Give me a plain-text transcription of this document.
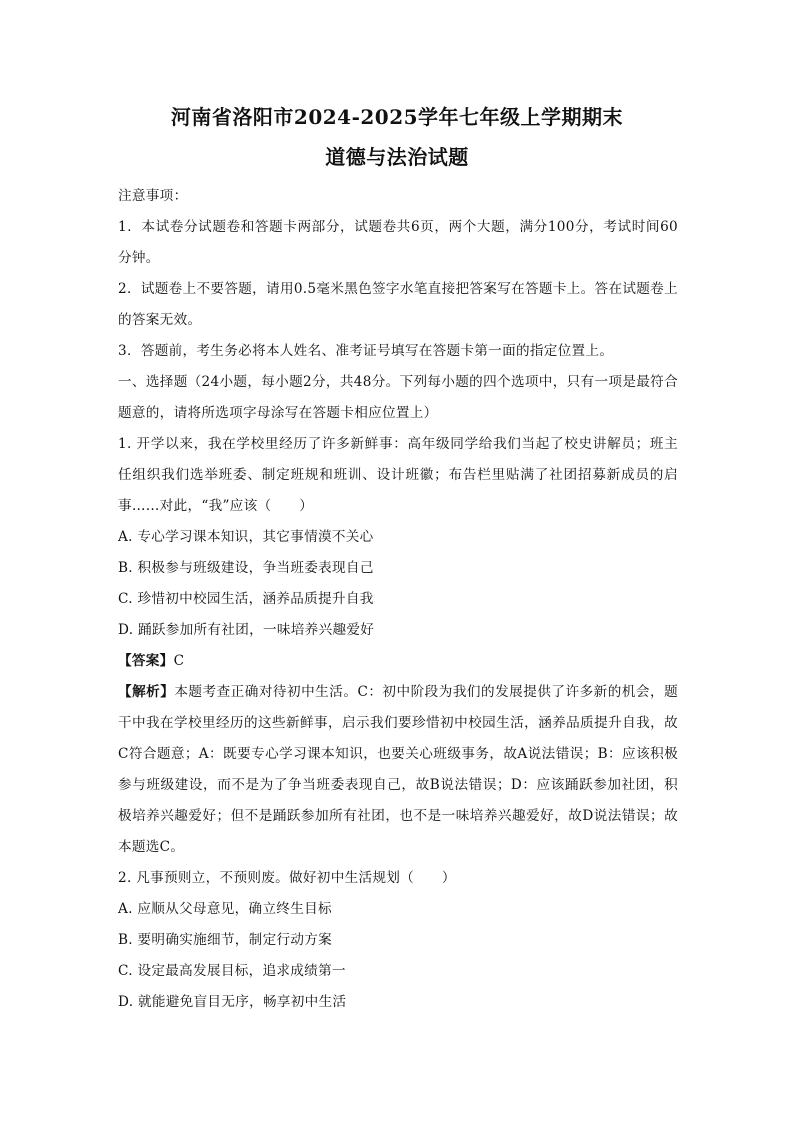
河南省洛阳市2024-2025学年七年级上学期期末
道德与法治试题

注意事项：

1．本试卷分试题卷和答题卡两部分，试题卷共6页，两个大题，满分100分，考试时间60分钟。

2．试题卷上不要答题，请用0.5毫米黑色签字水笔直接把答案写在答题卡上。答在试题卷上的答案无效。

3．答题前，考生务必将本人姓名、准考证号填写在答题卡第一面的指定位置上。

一、选择题（24小题，每小题2分，共48分。下列每小题的四个选项中，只有一项是最符合题意的，请将所选项字母涂写在答题卡相应位置上）

1. 开学以来，我在学校里经历了许多新鲜事：高年级同学给我们当起了校史讲解员；班主任组织我们选举班委、制定班规和班训、设计班徽；布告栏里贴满了社团招募新成员的启事……对此，“我”应该（　　）

A. 专心学习课本知识，其它事情漠不关心

B. 积极参与班级建设，争当班委表现自己

C. 珍惜初中校园生活，涵养品质提升自我

D. 踊跃参加所有社团，一味培养兴趣爱好

【答案】C

【解析】本题考查正确对待初中生活。C：初中阶段为我们的发展提供了许多新的机会，题干中我在学校里经历的这些新鲜事，启示我们要珍惜初中校园生活，涵养品质提升自我，故C符合题意；A：既要专心学习课本知识，也要关心班级事务，故A说法错误；B：应该积极参与班级建设，而不是为了争当班委表现自己，故B说法错误；D：应该踊跃参加社团，积极培养兴趣爱好；但不是踊跃参加所有社团，也不是一味培养兴趣爱好，故D说法错误；故本题选C。

2. 凡事预则立，不预则废。做好初中生活规划（　　）

A. 应顺从父母意见，确立终生目标

B. 要明确实施细节，制定行动方案

C. 设定最高发展目标，追求成绩第一

D. 就能避免盲目无序，畅享初中生活
